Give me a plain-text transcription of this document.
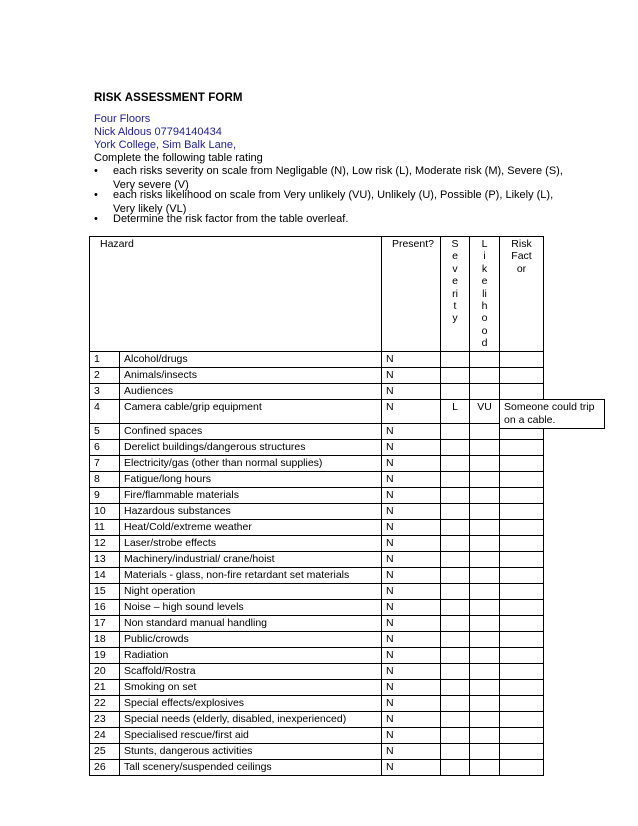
RISK ASSESSMENT FORM
Four Floors
Nick Aldous 07794140434
York College, Sim Balk Lane,
Complete the following table rating
•	each risks severity on scale from Negligable (N), Low risk (L), Moderate risk (M), Severe (S), Very severe (V)
•	each risks likelihood on scale from Very unlikely (VU), Unlikely (U), Possible (P), Likely (L), Very likely (VL)
•	Determine the risk factor from the table overleaf.
Hazard		Present?	S e v e ri t y	L i k e li h o o d	Risk Fact or
1	Alcohol/drugs	N			
2	Animals/insects	N			
3	Audiences	N			
4	Camera cable/grip equipment	N	L	VU	Someone could trip on a cable.

5	Confined spaces	N			
6	Derelict buildings/dangerous structures	N			
7	Electricity/gas (other than normal supplies)	N			
8	Fatigue/long hours	N			
9	Fire/flammable materials	N			
10	Hazardous substances	N			
11	Heat/Cold/extreme weather	N			
12	Laser/strobe effects	N			
13	Machinery/industrial/ crane/hoist	N			
14	Materials - glass, non-fire retardant set materials	N			
15	Night operation	N			
16	Noise – high sound levels	N			
17	Non standard manual handling	N			
18	Public/crowds	N			
19	Radiation	N			
20	Scaffold/Rostra	N			
21	Smoking on set	N			
22	Special effects/explosives	N			
23	Special needs (elderly, disabled, inexperienced)	N			
24	Specialised rescue/first aid	N			
25	Stunts, dangerous activities	N			
26	Tall scenery/suspended ceilings	N			
